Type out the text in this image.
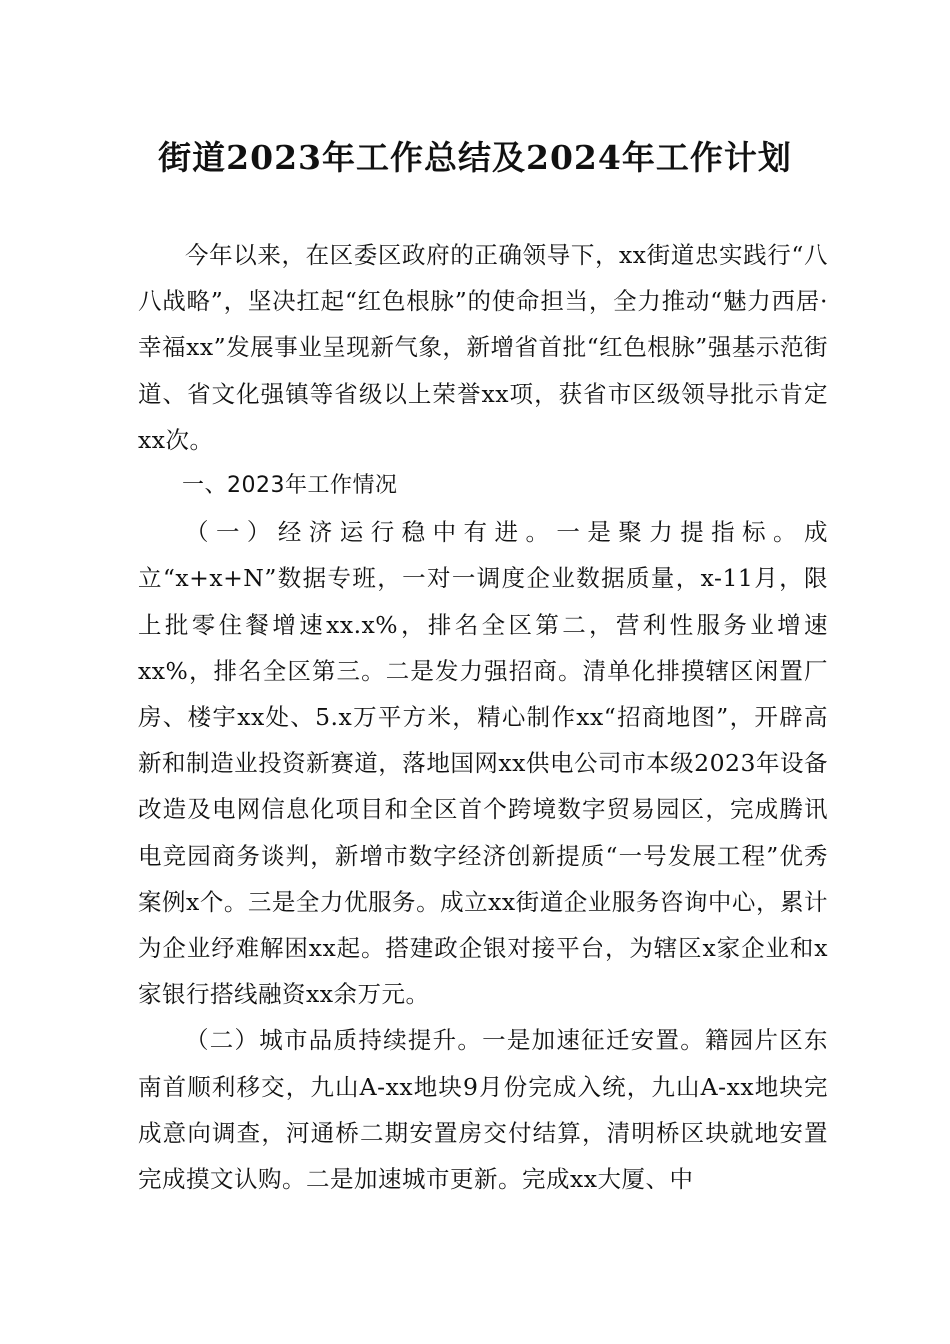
街道2023年工作总结及2024年工作计划

今年以来，在区委区政府的正确领导下，xx街道忠实践行“八八战略”，坚决扛起“红色根脉”的使命担当，全力推动“魅力西居·幸福xx”发展事业呈现新气象，新增省首批“红色根脉”强基示范街道、省文化强镇等省级以上荣誉xx项，获省市区级领导批示肯定xx次。

一、2023年工作情况

（一）经济运行稳中有进。一是聚力提指标。成立“x+x+N”数据专班，一对一调度企业数据质量，x-11月，限上批零住餐增速xx.x%，排名全区第二，营利性服务业增速xx%，排名全区第三。二是发力强招商。清单化排摸辖区闲置厂房、楼宇xx处、5.x万平方米，精心制作xx“招商地图”，开辟高新和制造业投资新赛道，落地国网xx供电公司市本级2023年设备改造及电网信息化项目和全区首个跨境数字贸易园区，完成腾讯电竞园商务谈判，新增市数字经济创新提质“一号发展工程”优秀案例x个。三是全力优服务。成立xx街道企业服务咨询中心，累计为企业纾难解困xx起。搭建政企银对接平台，为辖区x家企业和x家银行搭线融资xx余万元。

（二）城市品质持续提升。一是加速征迁安置。籍园片区东南首顺利移交，九山A-xx地块9月份完成入统，九山A-xx地块完成意向调查，河通桥二期安置房交付结算，清明桥区块就地安置完成摸文认购。二是加速城市更新。完成xx大厦、中
